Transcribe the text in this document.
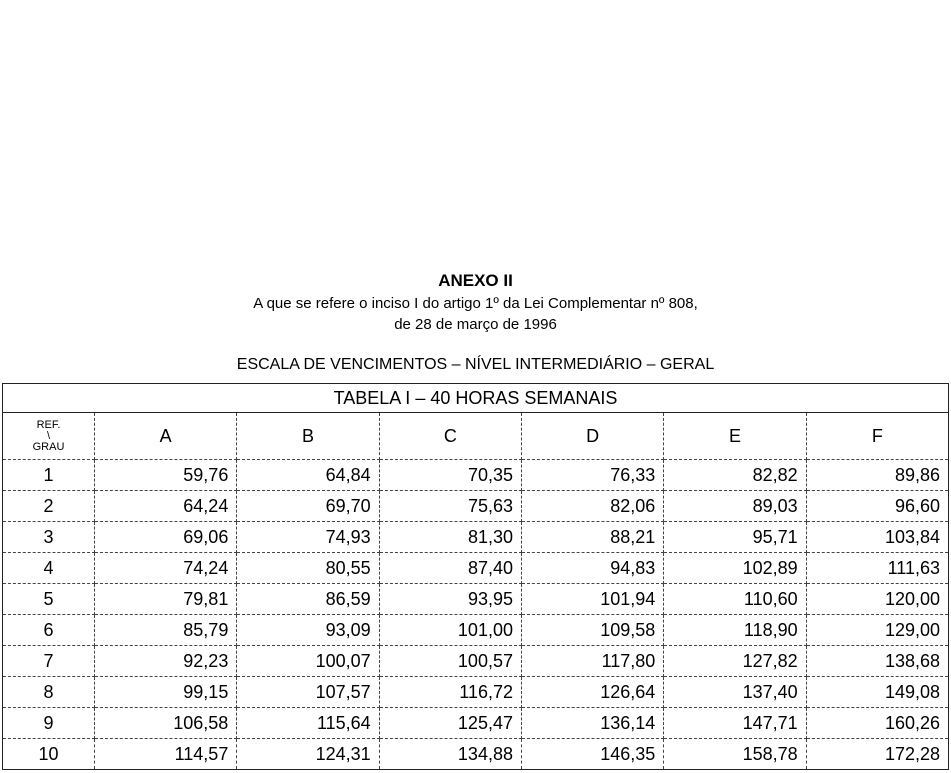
ANEXO II
A que se refere o inciso I do artigo 1º da Lei Complementar nº 808,
de 28 de março de 1996
ESCALA DE VENCIMENTOS – NÍVEL INTERMEDIÁRIO – GERAL
TABELA I – 40 HORAS SEMANAIS						

REF.
\
GRAU	A	B	C	D	E	F
1	59,76	64,84	70,35	76,33	82,82	89,86
2	64,24	69,70	75,63	82,06	89,03	96,60
3	69,06	74,93	81,30	88,21	95,71	103,84
4	74,24	80,55	87,40	94,83	102,89	111,63
5	79,81	86,59	93,95	101,94	110,60	120,00
6	85,79	93,09	101,00	109,58	118,90	129,00
7	92,23	100,07	100,57	117,80	127,82	138,68
8	99,15	107,57	116,72	126,64	137,40	149,08
9	106,58	115,64	125,47	136,14	147,71	160,26
10	114,57	124,31	134,88	146,35	158,78	172,28
